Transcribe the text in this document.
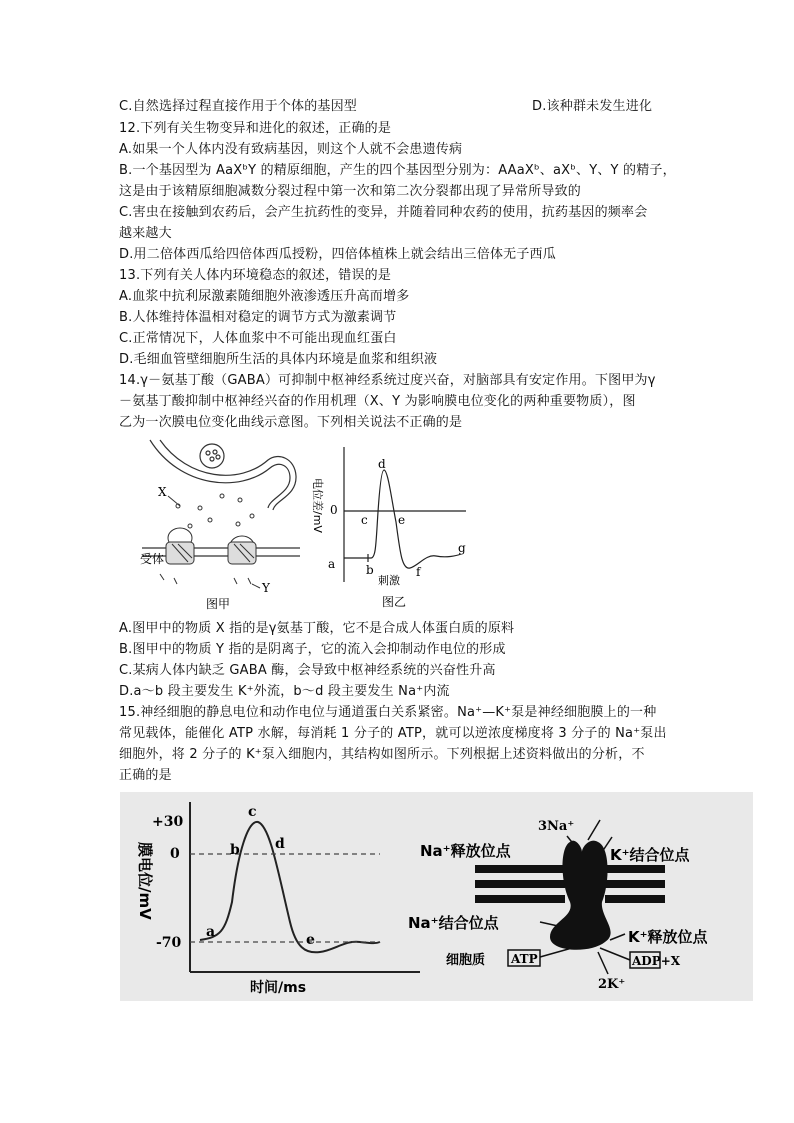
C.自然选择过程直接作用于个体的基因型	D.该种群未发生进化
12.下列有关生物变异和进化的叙述，正确的是
A.如果一个人体内没有致病基因，则这个人就不会患遗传病
B.一个基因型为 AaXᵇY 的精原细胞，产生的四个基因型分别为：AAaXᵇ、aXᵇ、Y、Y 的精子，
这是由于该精原细胞减数分裂过程中第一次和第二次分裂都出现了异常所导致的
C.害虫在接触到农药后，会产生抗药性的变异，并随着同种农药的使用，抗药基因的频率会
越来越大
D.用二倍体西瓜给四倍体西瓜授粉，四倍体植株上就会结出三倍体无子西瓜
13.下列有关人体内环境稳态的叙述，错误的是
A.血浆中抗利尿激素随细胞外液渗透压升高而增多
B.人体维持体温相对稳定的调节方式为激素调节
C.正常情况下，人体血浆中不可能出现血红蛋白
D.毛细血管壁细胞所生活的具体内环境是血浆和组织液
14.γ－氨基丁酸（GABA）可抑制中枢神经系统过度兴奋，对脑部具有安定作用。下图甲为γ
－氨基丁酸抑制中枢神经兴奋的作用机理（X、Y 为影响膜电位变化的两种重要物质），图
乙为一次膜电位变化曲线示意图。下列相关说法不正确的是
X
Y
受体
图甲
电位差/mV 0
a	b
c
d
e
f
g
刺激
图乙
A.图甲中的物质 X 指的是γ氨基丁酸，它不是合成人体蛋白质的原料
B.图甲中的物质 Y 指的是阴离子，它的流入会抑制动作电位的形成
C.某病人体内缺乏 GABA 酶，会导致中枢神经系统的兴奋性升高
D.a～b 段主要发生 K⁺外流，b～d 段主要发生 Na⁺内流
15.神经细胞的静息电位和动作电位与通道蛋白关系紧密。Na⁺—K⁺泵是神经细胞膜上的一种
常见载体，能催化 ATP 水解，每消耗 1 分子的 ATP，就可以逆浓度梯度将 3 分子的 Na⁺泵出
细胞外，将 2 分子的 K⁺泵入细胞内，其结构如图所示。下列根据上述资料做出的分析，不
正确的是
+30
0
-70
膜电位/mV
时间/ms
a
b
c
d
e
3Na⁺
Na⁺释放位点	K⁺结合位点
Na⁺结合位点
K⁺释放位点
细胞质 ATP	ADP+X
2K⁺
